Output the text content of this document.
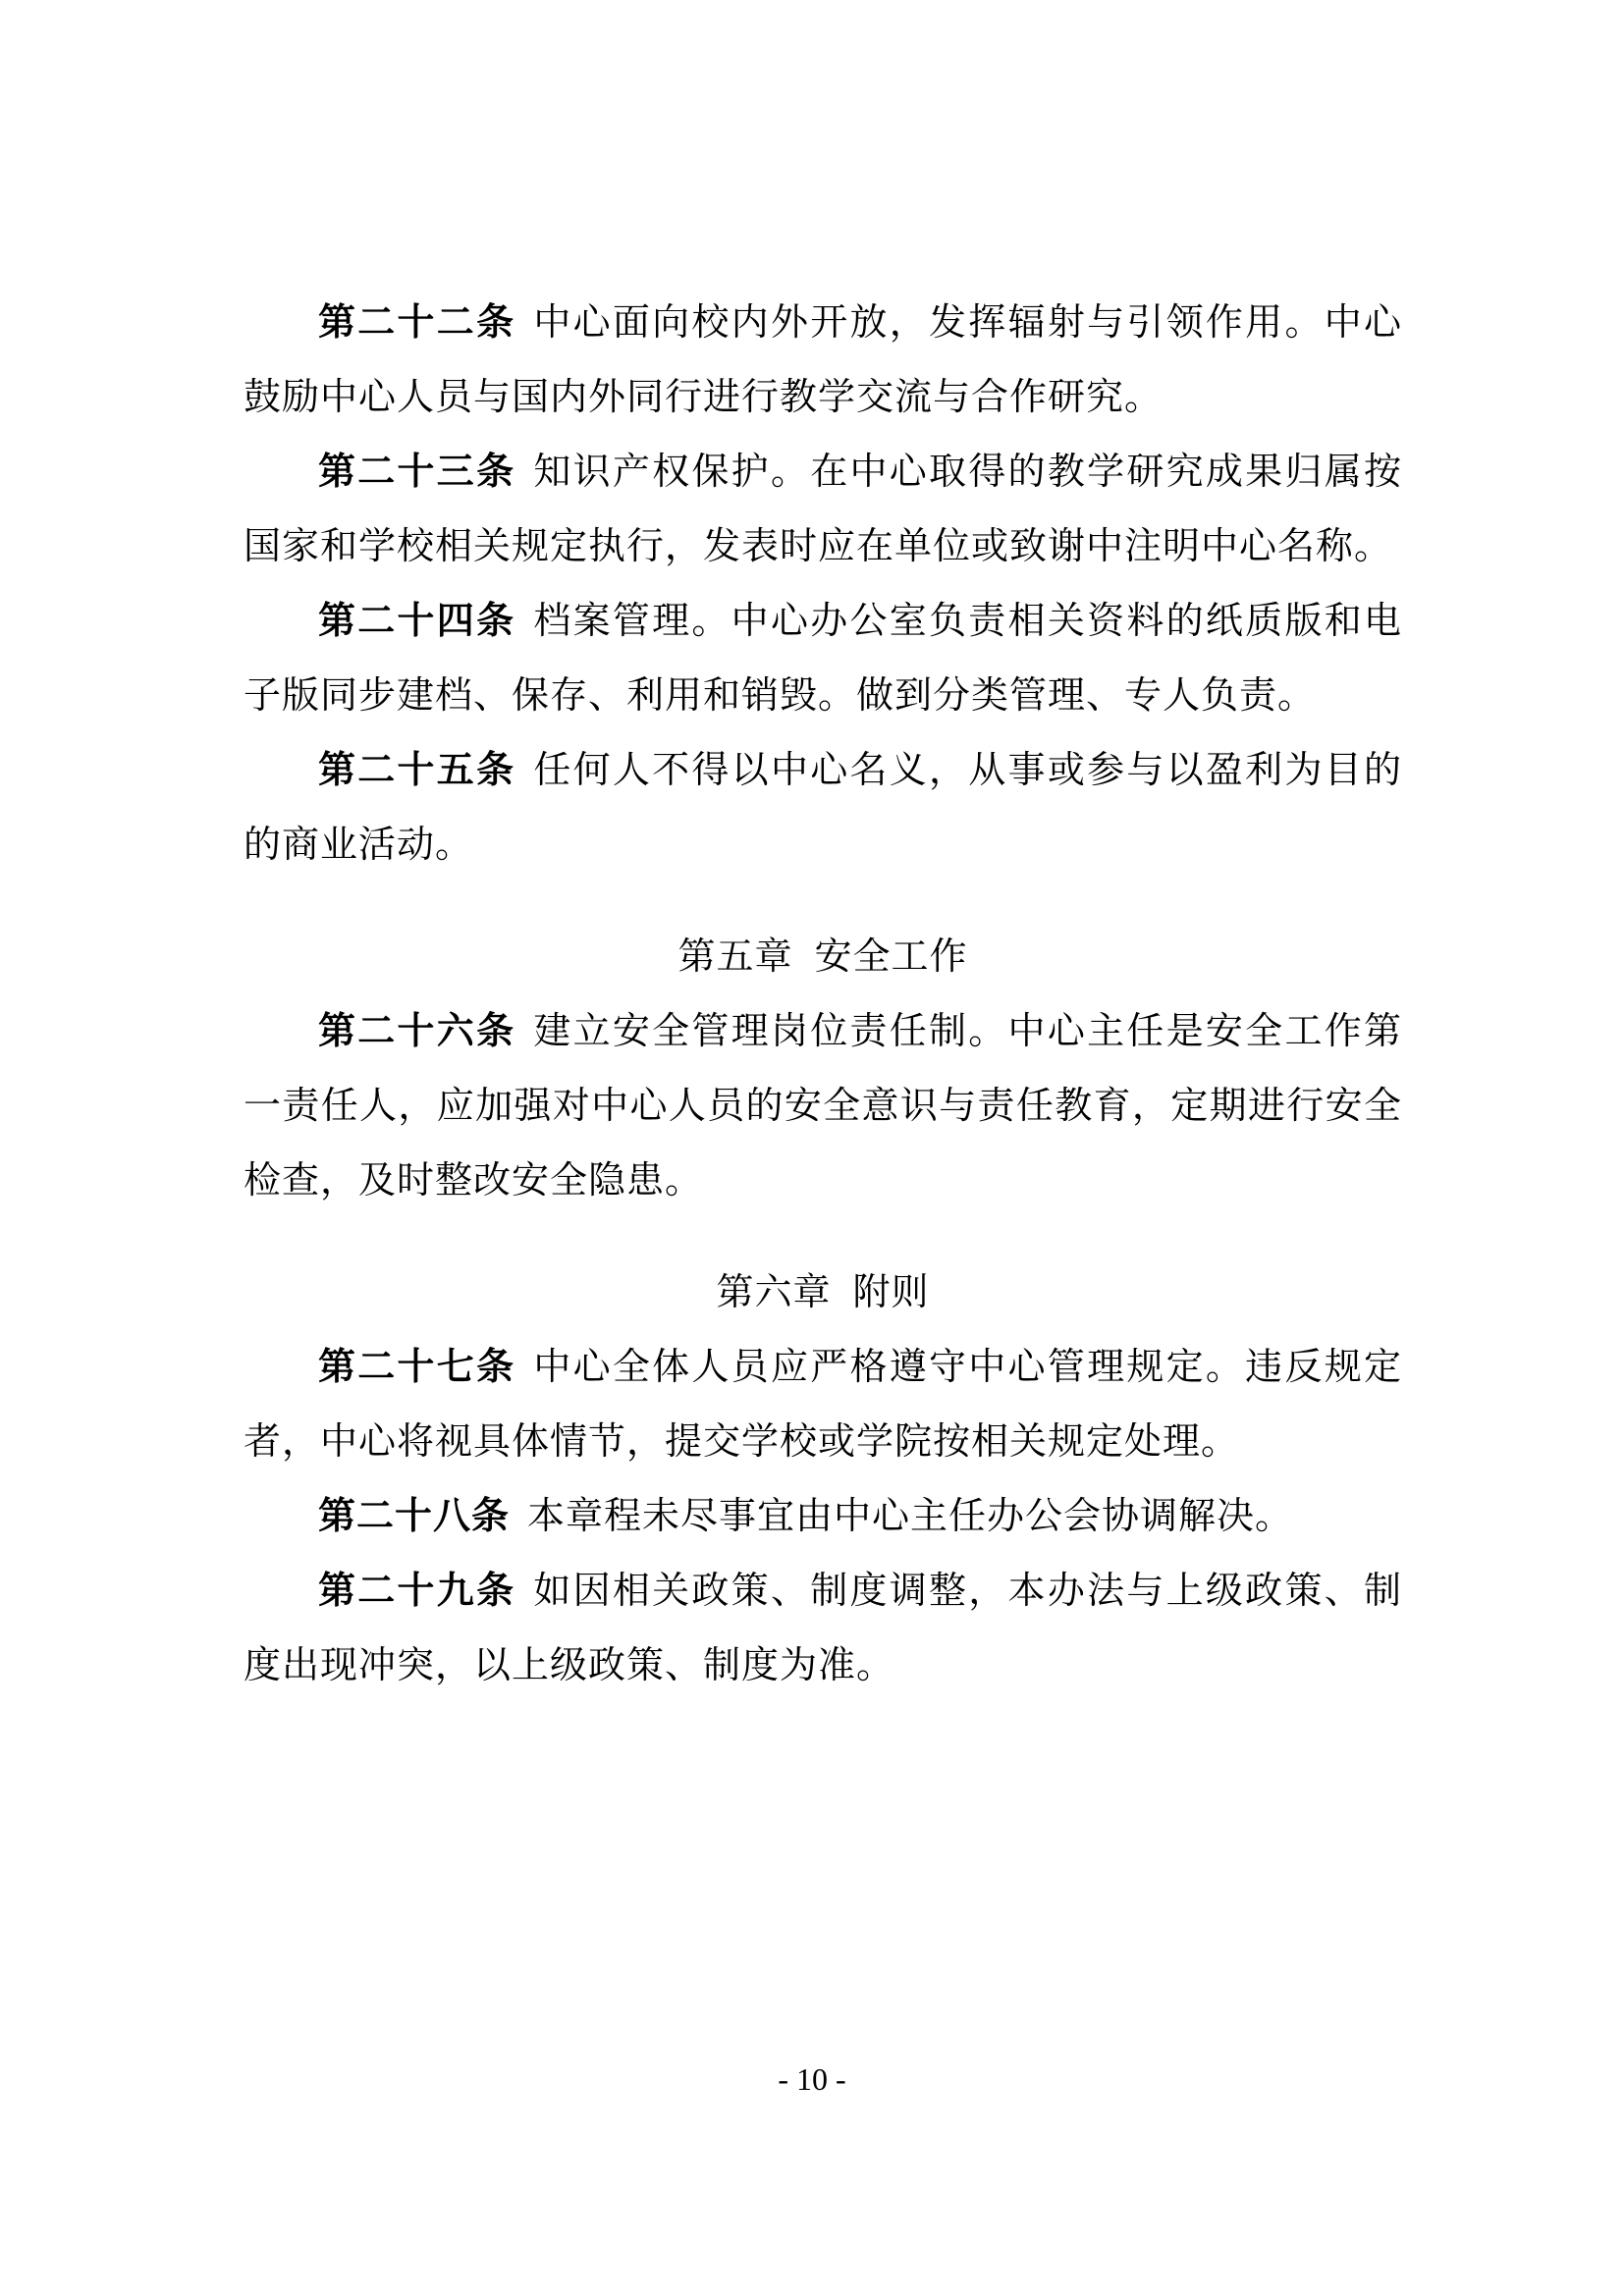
第二十二条 中心面向校内外开放，发挥辐射与引领作用。中心鼓励中心人员与国内外同行进行教学交流与合作研究。

第二十三条 知识产权保护。在中心取得的教学研究成果归属按国家和学校相关规定执行，发表时应在单位或致谢中注明中心名称。

第二十四条 档案管理。中心办公室负责相关资料的纸质版和电子版同步建档、保存、利用和销毁。做到分类管理、专人负责。

第二十五条 任何人不得以中心名义，从事或参与以盈利为目的的商业活动。

第五章 安全工作

第二十六条 建立安全管理岗位责任制。中心主任是安全工作第一责任人，应加强对中心人员的安全意识与责任教育，定期进行安全检查，及时整改安全隐患。

第六章 附则

第二十七条 中心全体人员应严格遵守中心管理规定。违反规定者，中心将视具体情节，提交学校或学院按相关规定处理。

第二十八条 本章程未尽事宜由中心主任办公会协调解决。

第二十九条 如因相关政策、制度调整，本办法与上级政策、制度出现冲突，以上级政策、制度为准。

- 10 -
